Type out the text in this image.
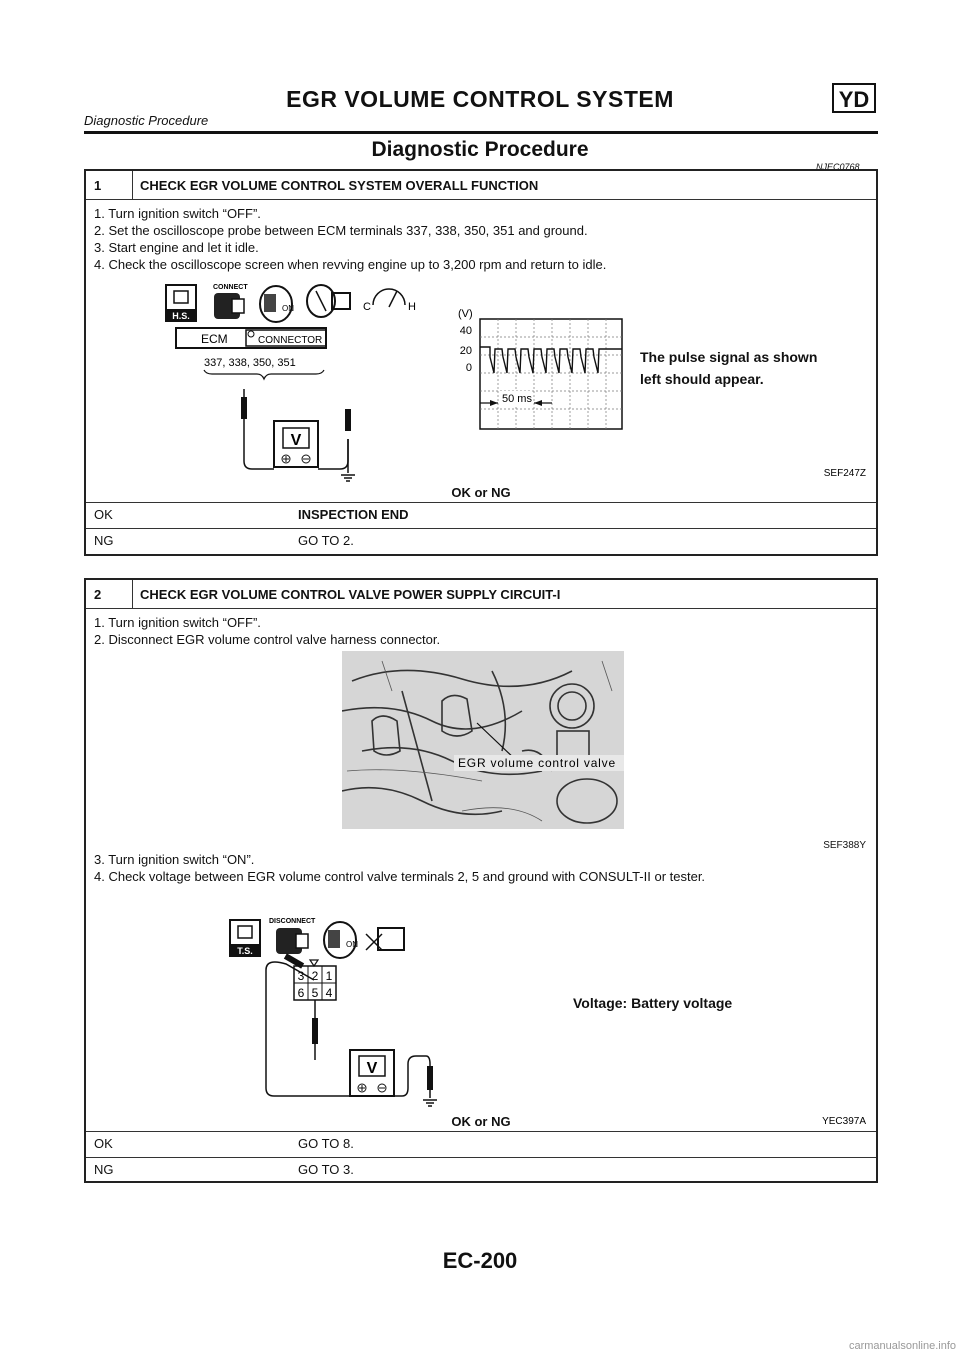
EGR VOLUME CONTROL SYSTEM	YD
Diagnostic Procedure
Diagnostic Procedure
NJEC0768
1	CHECK EGR VOLUME CONTROL SYSTEM OVERALL FUNCTION
1. Turn ignition switch “OFF”.
2. Set the oscilloscope probe between ECM terminals 337, 338, 350, 351 and ground.
3. Start engine and let it idle.
4. Check the oscilloscope screen when revving engine up to 3,200 rpm and return to idle.
H.S.
CONNECT
ON	C	H
ECM	CONNECTOR
337, 338, 350, 351
V
(V)
40
20
0
50 ms
SEF247Z
The pulse signal as shown
left should appear.
OK or NG
OK	INSPECTION END
NG	GO TO 2.
2	CHECK EGR VOLUME CONTROL VALVE POWER SUPPLY CIRCUIT-I
1. Turn ignition switch “OFF”.
2. Disconnect EGR volume control valve harness connector.
EGR volume control valve
SEF388Y
3. Turn ignition switch “ON”.
4. Check voltage between EGR volume control valve terminals 2, 5 and ground with CONSULT-II or tester.
T.S.
DISCONNECT
ON
3 2 1
6 5 4
V
YEC397A
Voltage: Battery voltage
OK or NG
OK	GO TO 8.
NG	GO TO 3.
EC-200
carmanualsonline.info
